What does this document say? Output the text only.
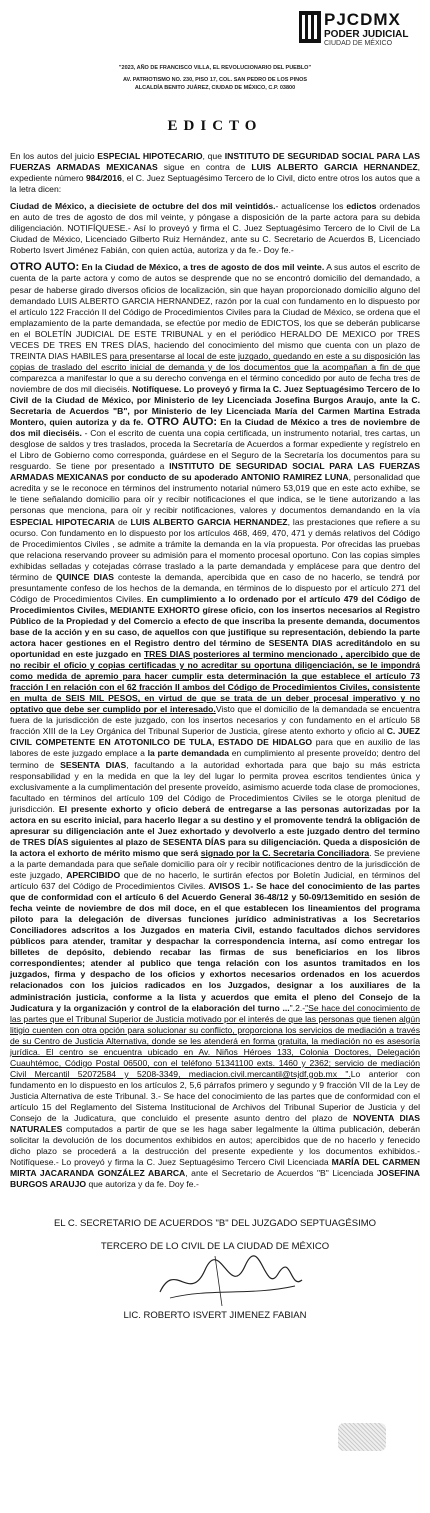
PJCDMX
PODER JUDICIAL
CIUDAD DE MÉXICO
"2023, AÑO DE FRANCISCO VILLA, EL REVOLUCIONARIO DEL PUEBLO"
AV. PATRIOTISMO NO. 230, PISO 17, COL. SAN PEDRO DE LOS PINOS
ALCALDÍA BENITO JUÁREZ, CIUDAD DE MÉXICO, C.P. 03800
EDICTO

En los autos del juicio ESPECIAL HIPOTECARIO, que INSTITUTO DE SEGURIDAD SOCIAL PARA LAS FUERZAS ARMADAS MEXICANAS sigue en contra de LUIS ALBERTO GARCIA HERNANDEZ, expediente número 984/2016, el C. Juez Septuagésimo Tercero de lo Civil, dicto entre otros los autos que a la letra dicen:

Ciudad de México, a diecisiete de octubre del dos mil veintidós.- actualícense los edictos ordenados en auto de tres de agosto de dos mil veinte, y póngase a disposición de la parte actora para su debida diligenciación. NOTIFÍQUESE.- Así lo proveyó y firma el C. Juez Septuagésimo Tercero de lo Civil de La Ciudad de México, Licenciado Gilberto Ruiz Hernández, ante su C. Secretario de Acuerdos B, Licenciado Roberto Isvert Jiménez Fabián, con quien actúa, autoriza y da fe.- Doy fe.-

OTRO AUTO: En la Ciudad de México, a tres de agosto de dos mil veinte. A sus autos el escrito de cuenta de la parte actora y como de autos se desprende que no se encontró domicilio del demandado, a pesar de haberse girado diversos oficios de localización, sin que hayan proporcionado domicilio alguno del demandado LUIS ALBERTO GARCIA HERNANDEZ, razón por la cual con fundamento en lo dispuesto por el artículo 122 Fracción II del Código de Procedimientos Civiles para la Ciudad de México, se ordena que el emplazamiento de la parte demandada, se efectúe por medio de EDICTOS, los que se deberán publicarse en el BOLETÍN JUDICIAL DE ESTE TRIBUNAL y en el periódico HERALDO DE MEXICO por TRES VECES DE TRES EN TRES DÍAS, haciendo del conocimiento del mismo que cuenta con un plazo de TREINTA DIAS HABILES para presentarse al local de este juzgado, quedando en este a su disposición las copias de traslado del escrito inicial de demanda y de los documentos que la acompañan a fin de que comparezca a manifestar lo que a su derecho convenga en el término concedido por auto de fecha tres de noviembre de dos mil dieciséis. Notifíquese. Lo proveyó y firma la C. Juez Septuagésimo Tercero de lo Civil de la Ciudad de México, por Ministerio de ley Licenciada Josefina Burgos Araujo, ante la C. Secretaria de Acuerdos "B", por Ministerio de ley Licenciada María del Carmen Martina Estrada Montero, quien autoriza y da fe. OTRO AUTO: En la Ciudad de México a tres de noviembre de dos mil dieciséis. - Con el escrito de cuenta una copia certificada, un instrumento notarial, tres cartas, un desglose de saldos y tres traslados, proceda la Secretaría de Acuerdos a formar expediente y regístrelo en el Libro de Gobierno como corresponda, guárdese en el Seguro de la Secretaría los documentos para su resguardo. Se tiene por presentado a INSTITUTO DE SEGURIDAD SOCIAL PARA LAS FUERZAS ARMADAS MEXICANAS por conducto de su apoderado ANTONIO RAMIREZ LUNA, personalidad que acredita y se le reconoce en términos del instrumento notarial número 53,019 que en este acto exhibe, se le tiene señalando domicilio para oír y recibir notificaciones el que indica, se le tiene autorizando a las personas que menciona, para oír y recibir notificaciones, valores y documentos demandando en la vía ESPECIAL HIPOTECARIA de LUIS ALBERTO GARCIA HERNANDEZ, las prestaciones que refiere a su ocurso. Con fundamento en lo dispuesto por los artículos 468, 469, 470, 471 y demás relativos del Código de Procedimientos Civiles , se admite a trámite la demanda en la vía propuesta. Por ofrecidas las pruebas que relaciona reservando proveer su admisión para el momento procesal oportuno. Con las copias simples exhibidas selladas y cotejadas córrase traslado a la parte demandada y emplácese para que dentro del término de QUINCE DIAS conteste la demanda, apercibida que en caso de no hacerlo, se tendrá por presuntamente confeso de los hechos de la demanda, en términos de lo dispuesto por el artículo 271 del Código de Procedimientos Civiles. En cumplimiento a lo ordenado por el artículo 479 del Código de Procedimientos Civiles, MEDIANTE EXHORTO gírese oficio, con los insertos necesarios al Registro Público de la Propiedad y del Comercio a efecto de que inscriba la presente demanda, documentos base de la acción y en su caso, de aquellos con que justifique su representación, debiendo la parte actora hacer gestiones en el Registro dentro del término de SESENTA DIAS acreditándolo en su oportunidad en este juzgado en TRES DIAS posteriores al termino mencionado , apercibido que de no recibir el oficio y copias certificadas y no acreditar su oportuna diligenciación, se le impondrá como medida de apremio para hacer cumplir esta determinación la que establece el artículo 73 fracción I en relación con el 62 fracción II ambos del Código de Procedimientos Civiles, consistente en multa de SEIS MIL PESOS, en virtud de que se trata de un deber procesal imperativo y no optativo que debe ser cumplido por el interesado.Visto que el domicilio de la demandada se encuentra fuera de la jurisdicción de este juzgado, con los insertos necesarios y con fundamento en el artículo 58 fracción XIII de la Ley Orgánica del Tribunal Superior de Justicia, gírese atento exhorto y oficio al C. JUEZ CIVIL COMPETENTE EN ATOTONILCO DE TULA, ESTADO DE HIDALGO para que en auxilio de las labores de este juzgado emplace a la parte demandada en cumplimiento al presente proveído; dentro del termino de SESENTA DIAS, facultando a la autoridad exhortada para que bajo su más estricta responsabilidad y en la medida en que la ley del lugar lo permita provea escritos tendientes única y exclusivamente a la cumplimentación del presente proveído, asimismo acuerde toda clase de promociones, facultado en términos del artículo 109 del Código de Procedimientos Civiles se le otorga plenitud de jurisdicción. El presente exhorto y oficio deberá de entregarse a las personas autorizadas por la actora en su escrito inicial, para hacerlo llegar a su destino y el promovente tendrá la obligación de apresurar su diligenciación ante el Juez exhortado y devolverlo a este juzgado dentro del termino de TRES DÍAS siguientes al plazo de SESENTA DÍAS para su diligenciación. Queda a disposición de la actora el exhorto de mérito mismo que será signado por la C. Secretaria Conciliadora. Se previene a la parte demandada para que señale domicilio para oír y recibir notificaciones dentro de la jurisdicción de este juzgado, APERCIBIDO que de no hacerlo, le surtirán efectos por Boletín Judicial, en términos del artículo 637 del Código de Procedimientos Civiles. AVISOS 1.- Se hace del conocimiento de las partes que de conformidad con el artículo 6 del Acuerdo General 36-48/12 y 50-09/13emitido en sesión de fecha veinte de noviembre de dos mil doce, en el que establecen los lineamientos del programa piloto para la delegación de diversas funciones jurídico administrativas a los Secretarios Conciliadores adscritos a los Juzgados en materia Civil, estando facultados dichos servidores públicos para atender, tramitar y despachar la correspondencia interna, así como entregar los billetes de depósito, debiendo recabar las firmas de sus beneficiarios en los libros correspondientes; atender al publico que tenga relación con los asuntos tramitados en los juzgados, firma y despacho de los oficios y exhortos necesarios ordenados en los acuerdos relacionados con los juicios radicados en los Juzgados, designar a los auxiliares de la administración justicia, conforme a la lista y acuerdos que emita el pleno del Consejo de la Judicatura y la organización y control de la elaboración del turno ...".2.-"Se hace del conocimiento de las partes que el Tribunal Superior de Justicia motivado por el interés de que las personas que tienen algún litigio cuenten con otra opción para solucionar su conflicto, proporciona los servicios de mediación a través de su Centro de Justicia Alternativa, donde se les atenderá en forma gratuita, la mediación no es asesoría jurídica. El centro se encuentra ubicado en Av. Niños Héroes 133, Colonia Doctores, Delegación Cuauhtémoc, Código Postal 06500, con el teléfono 51341100 exts. 1460 y 2362; servicio de mediación Civil Mercantil 52072584 y 5208-3349, mediacion.civil.mercantil@tsjdf.gob.mx ".Lo anterior con fundamento en lo dispuesto en los artículos 2, 5,6 párrafos primero y segundo y 9 fracción VII de la Ley de Justicia Alternativa de este Tribunal. 3.- Se hace del conocimiento de las partes que de conformidad con el artículo 15 del Reglamento del Sistema Institucional de Archivos del Tribunal Superior de Justicia y del Consejo de la Judicatura, que concluido el presente asunto dentro del plazo de NOVENTA DIAS NATURALES computados a partir de que se les haga saber legalmente la última publicación, deberán solicitar la devolución de los documentos exhibidos en autos; apercibidos que de no hacerlo y fenecido dicho plazo se procederá a la destrucción del presente expediente y los documentos exhibidos.- Notifíquese.- Lo proveyó y firma la C. Juez Septuagésimo Tercero Civil Licenciada MARÍA DEL CARMEN MIRTA JACARANDA GONZÁLEZ ABARCA, ante el Secretario de Acuerdos "B" Licenciada JOSEFINA BURGOS ARAUJO que autoriza y da fe. Doy fe.-

EL C. SECRETARIO DE ACUERDOS "B" DEL JUZGADO SEPTUAGÉSIMO
TERCERO DE LO CIVIL DE LA CIUDAD DE MÉXICO
LIC. ROBERTO ISVERT JIMENEZ FABIAN
